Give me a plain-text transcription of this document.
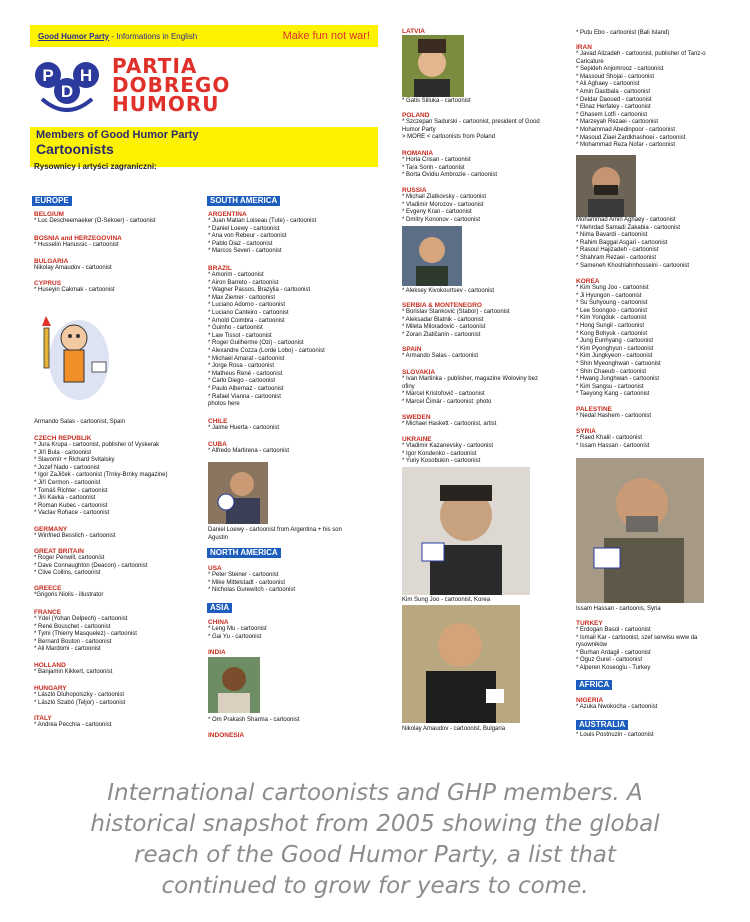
Good Humor Party - Informations in English	Make fun not war!
P H
D
PARTIA
DOBREGO
HUMORU
Members of Good Humor Party
Cartoonists
Rysownicy i artyści zagraniczni:
EUROPE
BELGIUM
* Luc Descheemaeker (O-Sekoer) - cartoonist
BOSNIA and HERZEGOVINA
* Husselin Hanussic - cartoonist
BULGARIA
Nikolay Amaudov - cartoonist
CYPRUS
* Huseyin Cakmak - cartoonist
Armando Salas - cartoonist, Spain
CZECH REPUBLIK
* Jura Krupa - cartoonist, publisher of Vyskerak
* Jiří Bula - cartoonist
* Slavomír + Richard Svitalsky
* Jozef Nado - cartoonist
* Igor ZaJiček - cartoonist (Trnky-Brnky magazine)
* Jiří Cermon - cartoonist
* Tomáš Richter - cartoonist
* Jiri Kavka - cartoonist
* Roman Kubec - cartoonist
* Vaclav Rohace - cartoonist
GERMANY
* Winfried Besslich - cartoonist
GREAT BRITAIN
* Roger Penwill, cartoonist
* Dave Connaughton (Deacon) - cartoonist
* Clive Collins, cartoonist
GREECE
*Grigoris Niolis - illustrator
FRANCE
* Ydel (Yohan Delpech) - cartoonist
* René Bouschet - cartoonist
* Tymi (Thierry Masquelez) - cartoonist
* Bernard Bouton - cartoonist
* Ali Mardomi - cartoonist
HOLLAND
* Banjamin Kikkert, cartoonist
HUNGARY
* László Dluhopolszky - cartoonist
* László Szabó (Teljor) - cartoonist
ITALY
* Andrea Pecchia - cartoonist
SOUTH AMERICA
ARGENTINA
* Juan Matian Loiseau (Tute) - cartoonist
* Daniel Loewy - cartoonist
* Ana von Rebeur - cartoonist
* Pablo Diaz - cartoonist
* Marcos Severi - cartoonist
BRAZIL
* Amorim - cartoonist
* Airon Barreto - cartoonist
* Wagner Passos, Brazylia - cartoonist
* Max Ziemer - cartoonist
* Luciano Adorno - cartoonist
* Luciano Canteiro - cartoonist
* Arnold Coimbra - cartoonist
* Guinho - cartoonist
* Law Tissot - cartoonist
* Roger Guilherme (Ozi) - cartoonist
* Alexandre Cozza (Lorde Lobo) - cartoonist
* Michael Amaral - cartoonist
* Jorge Rosa - cartoonist
* Matheus René - cartoonist
* Carlo Diego - cartoonist
* Paulo Albernaz - cartoonist
* Rafael Vianna - cartoonist
photos here
CHILE
* Jaime Huerta - cartoonist
CUBA
* Alfredo Martirena - cartoonist
Daniel Loewy - cartoonist from Argentina + his son
Agustin
NORTH AMERICA
USA
* Peter Steiner - cartoonist
* Mike Mittelstadt - cartoonist
* Nicholas Gurewitch - cartoonist
ASIA
CHINA
* Leng Mu - cartoonist
* Gai Yu - cartoonist
INDIA
* Om Prakash Sharma - cartoonist
INDONESIA
LATVIA
* Gatis Sliluka - cartoonist
POLAND
* Szczepan Sadurski - cartoonist, president of Good
Humor Party
> MORE < cartoonists from Poland
ROMANIA
* Horia Crisan - cartoonist
* Tara Sorin - cartoonist
* Borta Ovidiu Ambrozie - cartoonist
RUSSIA
* Michail Zlatkovsky - cartoonist
* Vladimir Morozov - cartoonist
* Evgeny Kran - cartoonist
* Dmitry Kononov - cartoonist
* Aleksey Kivokourtsev - cartoonist
SERBIA & MONTENEGRO
* Borislav Stanković (Stabor) - cartoonist
* Aleksadar Blatnik - cartoonist
* Mileta Miloradović - cartoonist
* Zoran Zlatičanin - cartoonist
SPAIN
* Armando Salas - cartoonist
SLOVAKIA
* Ivan Martinka - publisher, magazine Wolovinу bez
ofiny
* Marcel Kristofovič - cartoonist
* Marcel Čimár - cartoonist: photo
SWEDEN
* Michael Haskett - cartoonist, artist
UKRAINE
* Vladimir Kazanevsky - cartoonist
* Igor Kondenko - cartoonist
* Yuriy Kosobukin - cartoonist
Kim Sung Joo - cartoonist, Korea
Nikolay Amaudov - cartoonist, Bulgaria
* Putu Ebo - cartoonist (Bali Island)
IRAN
* Javad Alizadeh - cartoonist, publisher of Tanz-o
Caricature
* Sepideh Anjomrooz - cartoonist
* Massoud Shojai - cartoonist
* Ali Aghaey - cartoonist
* Amin Dastbala - cartoonist
* Deldar Daoued - cartoonist
* Elnaz Herfatey - cartoonist
* Ghasem Lotfi - cartoonist
* Marzeyah Rezaei - cartoonist
* Mohammad Abedinpoor - cartoonist
* Masoud Ziaei Zardkhashoei - cartoonist
* Mohammad Reza Nofar - cartoonist
Mohammad Amin Aghaey - cartoonist
* Mehrdad Samadi Zakabia - cartoonist
* Nima Bavardi - cartoonist
* Rahim Baggal Asgari - cartoonist
* Rasoul Hajizadeh - cartoonist
* Shahram Rezaei - cartoonist
* Sameneh Khoshlahnhosseini - cartoonist
KOREA
* Kim Sung Joo - cartoonist
* Ji Hyungon - cartoonist
* Su Suhyoung - cartoonist
* Lee Soongoo - cartoonist
* Kim Yongduk - cartoonist
* Hong Sungil - cartoonist
* Kong Bohyuk - cartoonist
* Jung Eunhyang - cartoonist
* Kim Pyonghyun - cartoonist
* Kim Jungkyeon - cartoonist
* Shin Myeonghwan - cartoonist
* Shin Chaeub - cartoonist
* Hwang Junghwan - cartoonist
* Kim Sangsu - cartoonist
* Taeyong Kang - cartoonist
PALESTINE
* Nedal Hashem - cartoonist
SYRIA
* Raed Khalil - cartoonist
* Issam Hassan - cartoonist
Issam Hassan - cartoonis, Syria
TURKEY
* Erdogan Basol - cartoonist
* Ismail Kar - cartoonist, szef serwisu www da
rysowników
* Burhan Ardagil - cartoonist
* Oguz Gurel - cartoonist
* Alperen Koseoglu - Turkey
AFRICA
NIGERIA
* Azuka Nwokocha - cartoonist
AUSTRALIA
* Louis Postnuzin - cartoonist
International cartoonists and GHP members. A
historical snapshot from 2005 showing the global
reach of the Good Humor Party, a list that
continued to grow for years to come.
